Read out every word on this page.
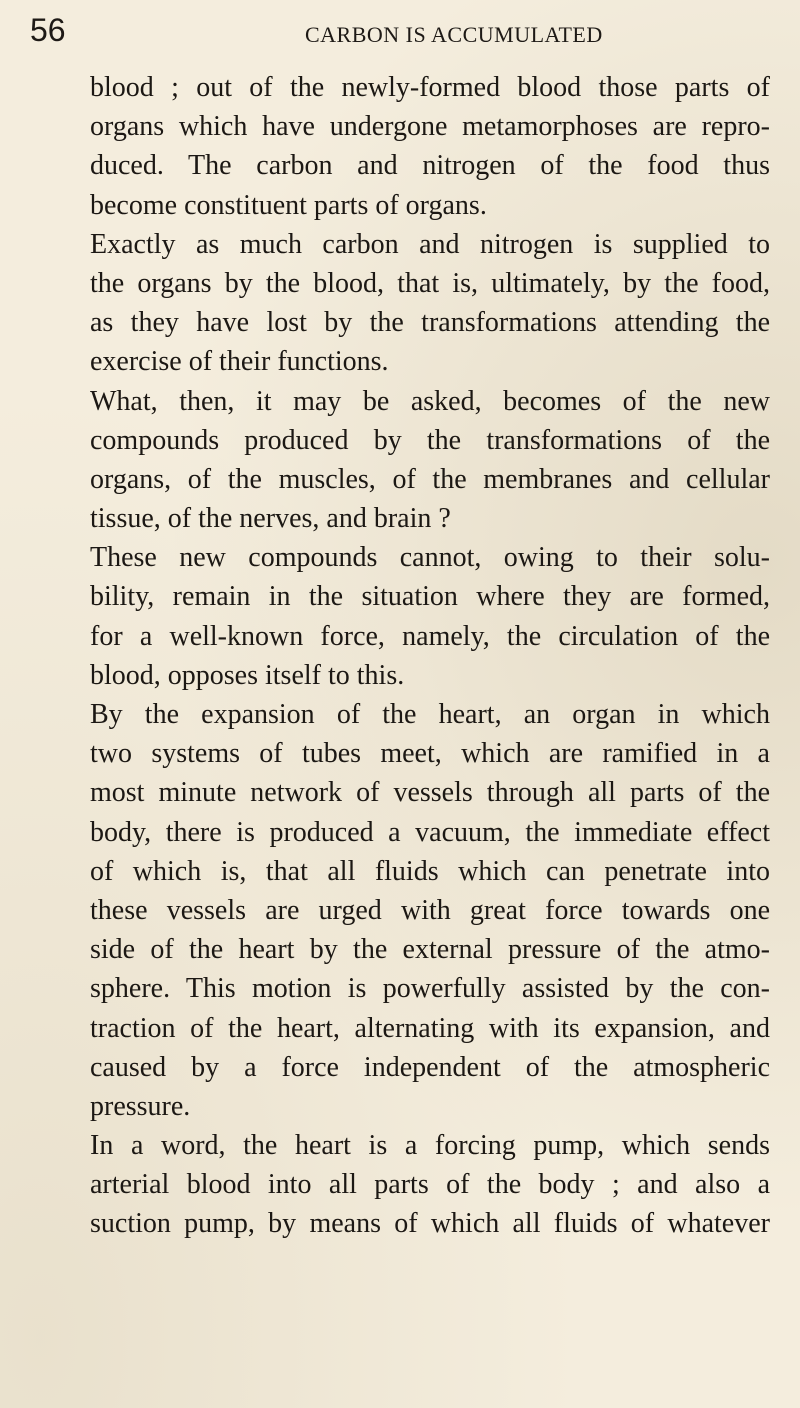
56	CARBON IS ACCUMULATED
blood ; out of the newly-formed blood those parts of
organs which have undergone metamorphoses are repro-
duced. The carbon and nitrogen of the food thus
become constituent parts of organs.
Exactly as much carbon and nitrogen is supplied to
the organs by the blood, that is, ultimately, by the food,
as they have lost by the transformations attending the
exercise of their functions.
What, then, it may be asked, becomes of the new
compounds produced by the transformations of the
organs, of the muscles, of the membranes and cellular
tissue, of the nerves, and brain ?
These new compounds cannot, owing to their solu-
bility, remain in the situation where they are formed,
for a well-known force, namely, the circulation of the
blood, opposes itself to this.
By the expansion of the heart, an organ in which
two systems of tubes meet, which are ramified in a
most minute network of vessels through all parts of the
body, there is produced a vacuum, the immediate effect
of which is, that all fluids which can penetrate into
these vessels are urged with great force towards one
side of the heart by the external pressure of the atmo-
sphere. This motion is powerfully assisted by the con-
traction of the heart, alternating with its expansion, and
caused by a force independent of the atmospheric
pressure.
In a word, the heart is a forcing pump, which sends
arterial blood into all parts of the body ; and also a
suction pump, by means of which all fluids of whatever
